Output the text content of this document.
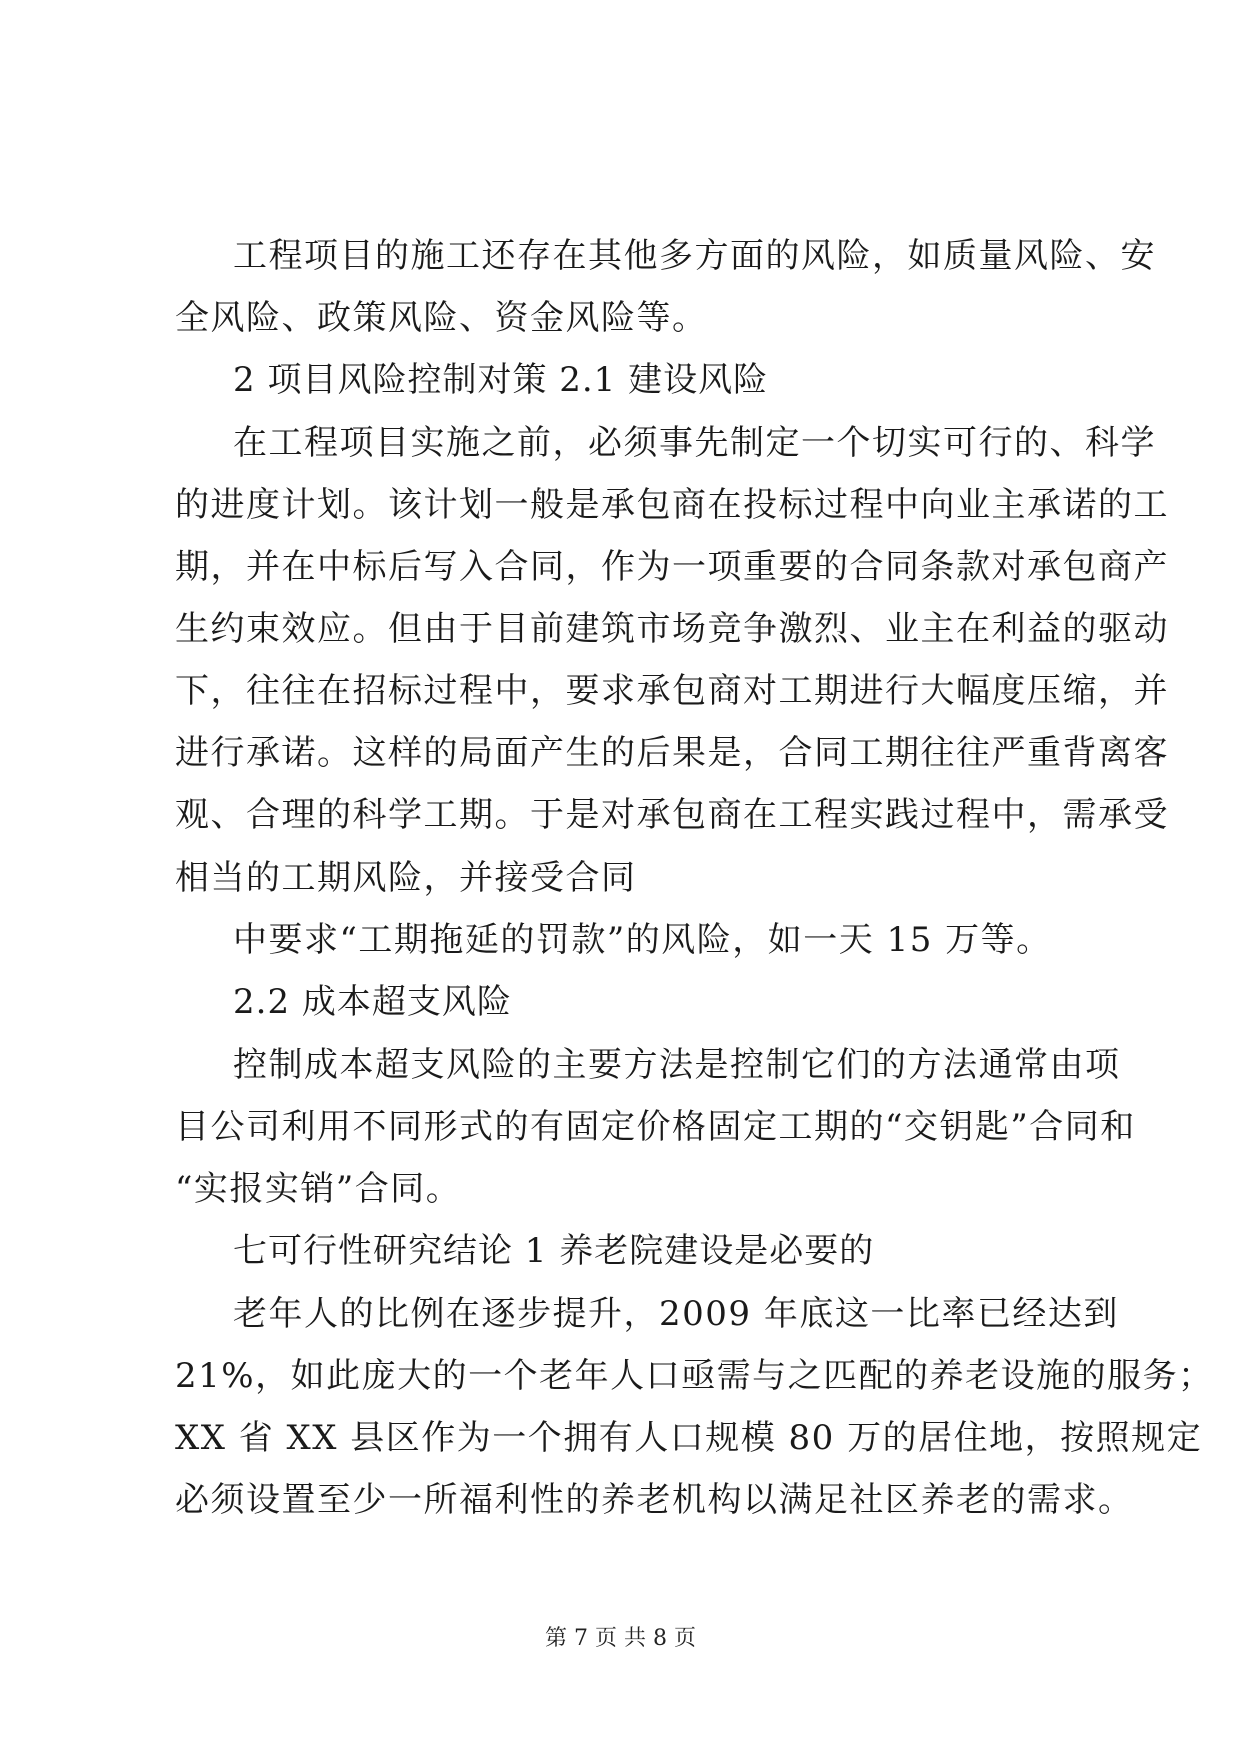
工程项目的施工还存在其他多方面的风险，如质量风险、安
全风险、政策风险、资金风险等。
2 项目风险控制对策 2.1 建设风险
在工程项目实施之前，必须事先制定一个切实可行的、科学
的进度计划。该计划一般是承包商在投标过程中向业主承诺的工
期，并在中标后写入合同，作为一项重要的合同条款对承包商产
生约束效应。但由于目前建筑市场竞争激烈、业主在利益的驱动
下，往往在招标过程中，要求承包商对工期进行大幅度压缩，并
进行承诺。这样的局面产生的后果是，合同工期往往严重背离客
观、合理的科学工期。于是对承包商在工程实践过程中，需承受
相当的工期风险，并接受合同
中要求“工期拖延的罚款”的风险，如一天 15 万等。
2.2 成本超支风险
控制成本超支风险的主要方法是控制它们的方法通常由项
目公司利用不同形式的有固定价格固定工期的“交钥匙”合同和
“实报实销”合同。
七可行性研究结论 1 养老院建设是必要的
老年人的比例在逐步提升，2009 年底这一比率已经达到
21%，如此庞大的一个老年人口亟需与之匹配的养老设施的服务；
XX 省 XX 县区作为一个拥有人口规模 80 万的居住地，按照规定
必须设置至少一所福利性的养老机构以满足社区养老的需求。
第 7 页 共 8 页
